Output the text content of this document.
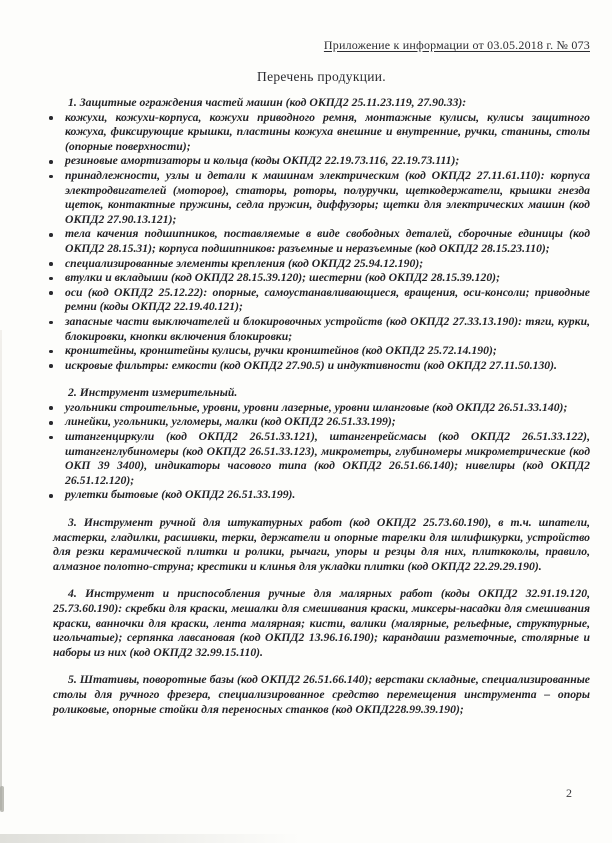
Приложение к информации от 03.05.2018 г. № 073
Перечень продукции.
1. Защитные ограждения частей машин (код ОКПД2 25.11.23.119, 27.90.33):
кожухи, кожухи-корпуса, кожухи приводного ремня, монтажные кулисы, кулисы защитного кожуха, фиксирующие крышки, пластины кожуха внешние и внутренние, ручки, станины, столы (опорные поверхности);
резиновые амортизаторы и кольца (коды ОКПД2 22.19.73.116, 22.19.73.111);
принадлежности, узлы и детали к машинам электрическим (код ОКПД2 27.11.61.110): корпуса электродвигателей (моторов), статоры, роторы, полуручки, щеткодержатели, крышки гнезда щеток, контактные пружины, седла пружин, диффузоры; щетки для электрических машин (код ОКПД2 27.90.13.121);
тела качения подшипников, поставляемые в виде свободных деталей, сборочные единицы (код ОКПД2 28.15.31); корпуса подшипников: разъемные и неразъемные (код ОКПД2 28.15.23.110);
специализированные элементы крепления (код ОКПД2 25.94.12.190);
втулки и вкладыши (код ОКПД2 28.15.39.120); шестерни (код ОКПД2 28.15.39.120);
оси (код ОКПД2 25.12.22): опорные, самоустанавливающиеся, вращения, оси-консоли; приводные ремни (коды ОКПД2 22.19.40.121);
запасные части выключателей и блокировочных устройств (код ОКПД2 27.33.13.190): тяги, курки, блокировки, кнопки включения блокировки;
кронштейны, кронштейны кулисы, ручки кронштейнов (код ОКПД2 25.72.14.190);
искровые фильтры: емкости (код ОКПД2 27.90.5) и индуктивности (код ОКПД2 27.11.50.130).
2. Инструмент измерительный.
угольники строительные, уровни, уровни лазерные, уровни шланговые (код ОКПД2 26.51.33.140);
линейки, угольники, угломеры, малки (код ОКПД2 26.51.33.199);
штангенциркули (код ОКПД2 26.51.33.121), штангенрейсмасы (код ОКПД2 26.51.33.122), штангенглубиномеры (код ОКПД2 26.51.33.123), микрометры, глубиномеры микрометрические (код ОКП 39 3400), индикаторы часового типа (код ОКПД2 26.51.66.140); нивелиры (код ОКПД2 26.51.12.120);
рулетки бытовые (код ОКПД2 26.51.33.199).
3. Инструмент ручной для штукатурных работ (код ОКПД2 25.73.60.190), в т.ч. шпатели, мастерки, гладилки, расшивки, терки, держатели и опорные тарелки для шлифшкурки, устройство для резки керамической плитки и ролики, рычаги, упоры и резцы для них, плиткоколы, правило, алмазное полотно-струна; крестики и клинья для укладки плитки (код ОКПД2 22.29.29.190).
4. Инструмент и приспособления ручные для малярных работ (коды ОКПД2 32.91.19.120, 25.73.60.190): скребки для краски, мешалки для смешивания краски, миксеры-насадки для смешивания краски, ванночки для краски, лента малярная; кисти, валики (малярные, рельефные, структурные, игольчатые); серпянка лавсановая (код ОКПД2 13.96.16.190); карандаши разметочные, столярные и наборы из них (код ОКПД2 32.99.15.110).
5. Штативы, поворотные базы (код ОКПД2 26.51.66.140); верстаки складные, специализированные столы для ручного фрезера, специализированное средство перемещения инструмента – опоры роликовые, опорные стойки для переносных станков (код ОКПД228.99.39.190);
2
